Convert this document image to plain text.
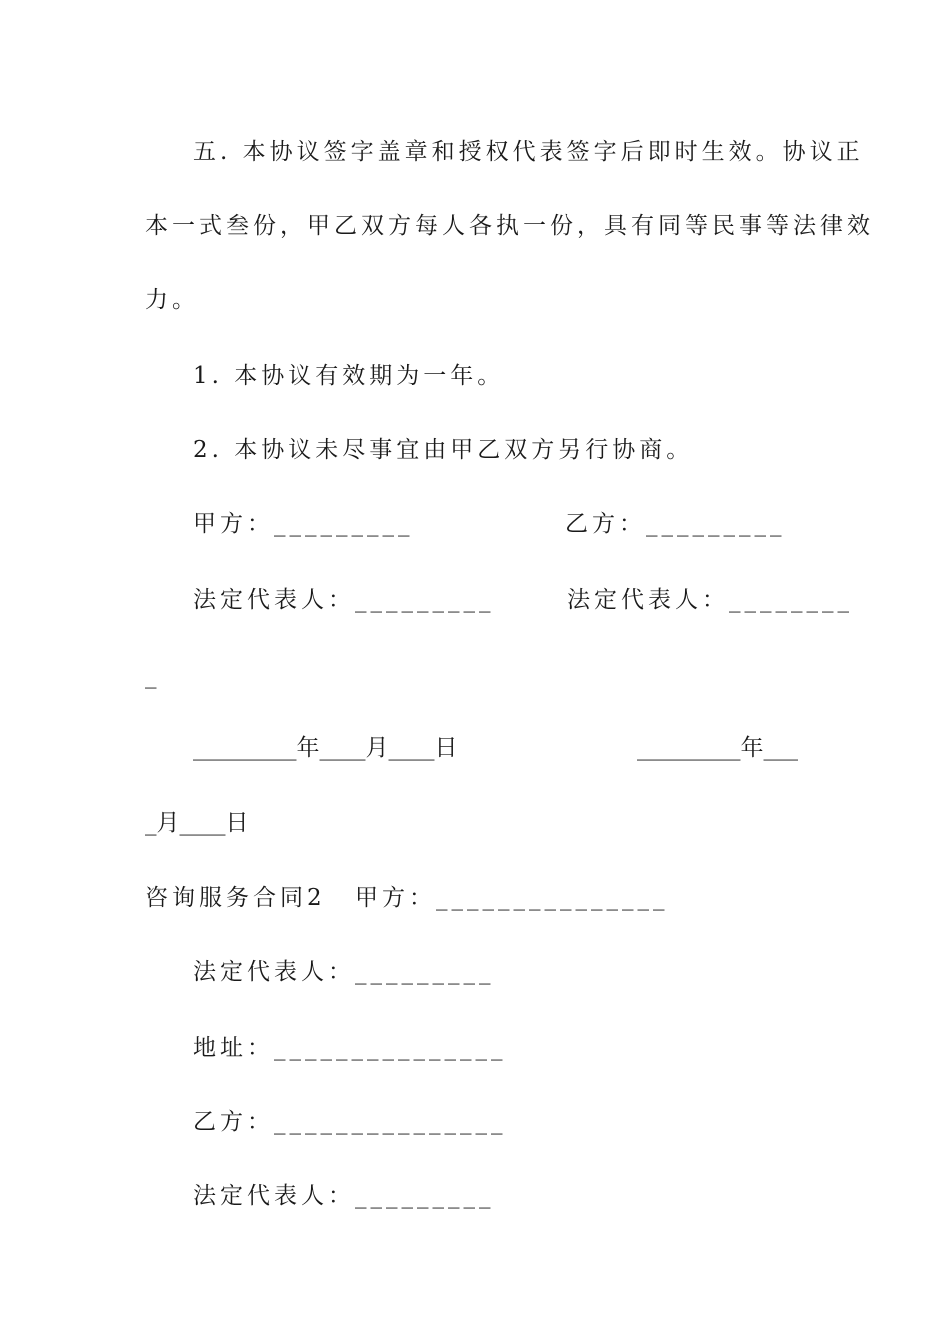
五. 本协议签字盖章和授权代表签字后即时生效。协议正
本一式叁份，甲乙双方每人各执一份，具有同等民事等法律效
力。
1. 本协议有效期为一年。
2. 本协议未尽事宜由甲乙双方另行协商。
甲方：_________	乙方：_________
法定代表人：_________	法定代表人：________
_
_________年____月____日	_________年___
_月____日
咨询服务合同2 甲方：_______________
法定代表人：_________
地址：_______________
乙方：_______________
法定代表人：_________
